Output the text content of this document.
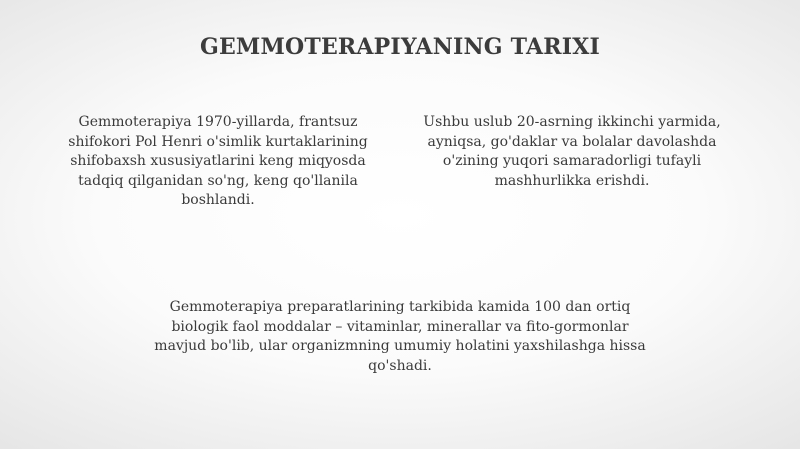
GEMMOTERAPIYANING TARIXI
Gemmoterapiya 1970-yillarda, frantsuz shifokori Pol Henri o'simlik kurtaklarining shifobaxsh xususiyatlarini keng miqyosda tadqiq qilganidan so'ng, keng qo'llanila boshlandi.
Ushbu uslub 20-asrning ikkinchi yarmida, ayniqsa, go'daklar va bolalar davolashda o'zining yuqori samaradorligi tufayli mashhurlikka erishdi.
Gemmoterapiya preparatlarining tarkibida kamida 100 dan ortiq biologik faol moddalar – vitaminlar, minerallar va fito-gormonlar mavjud bo'lib, ular organizmning umumiy holatini yaxshilashga hissa qo'shadi.
